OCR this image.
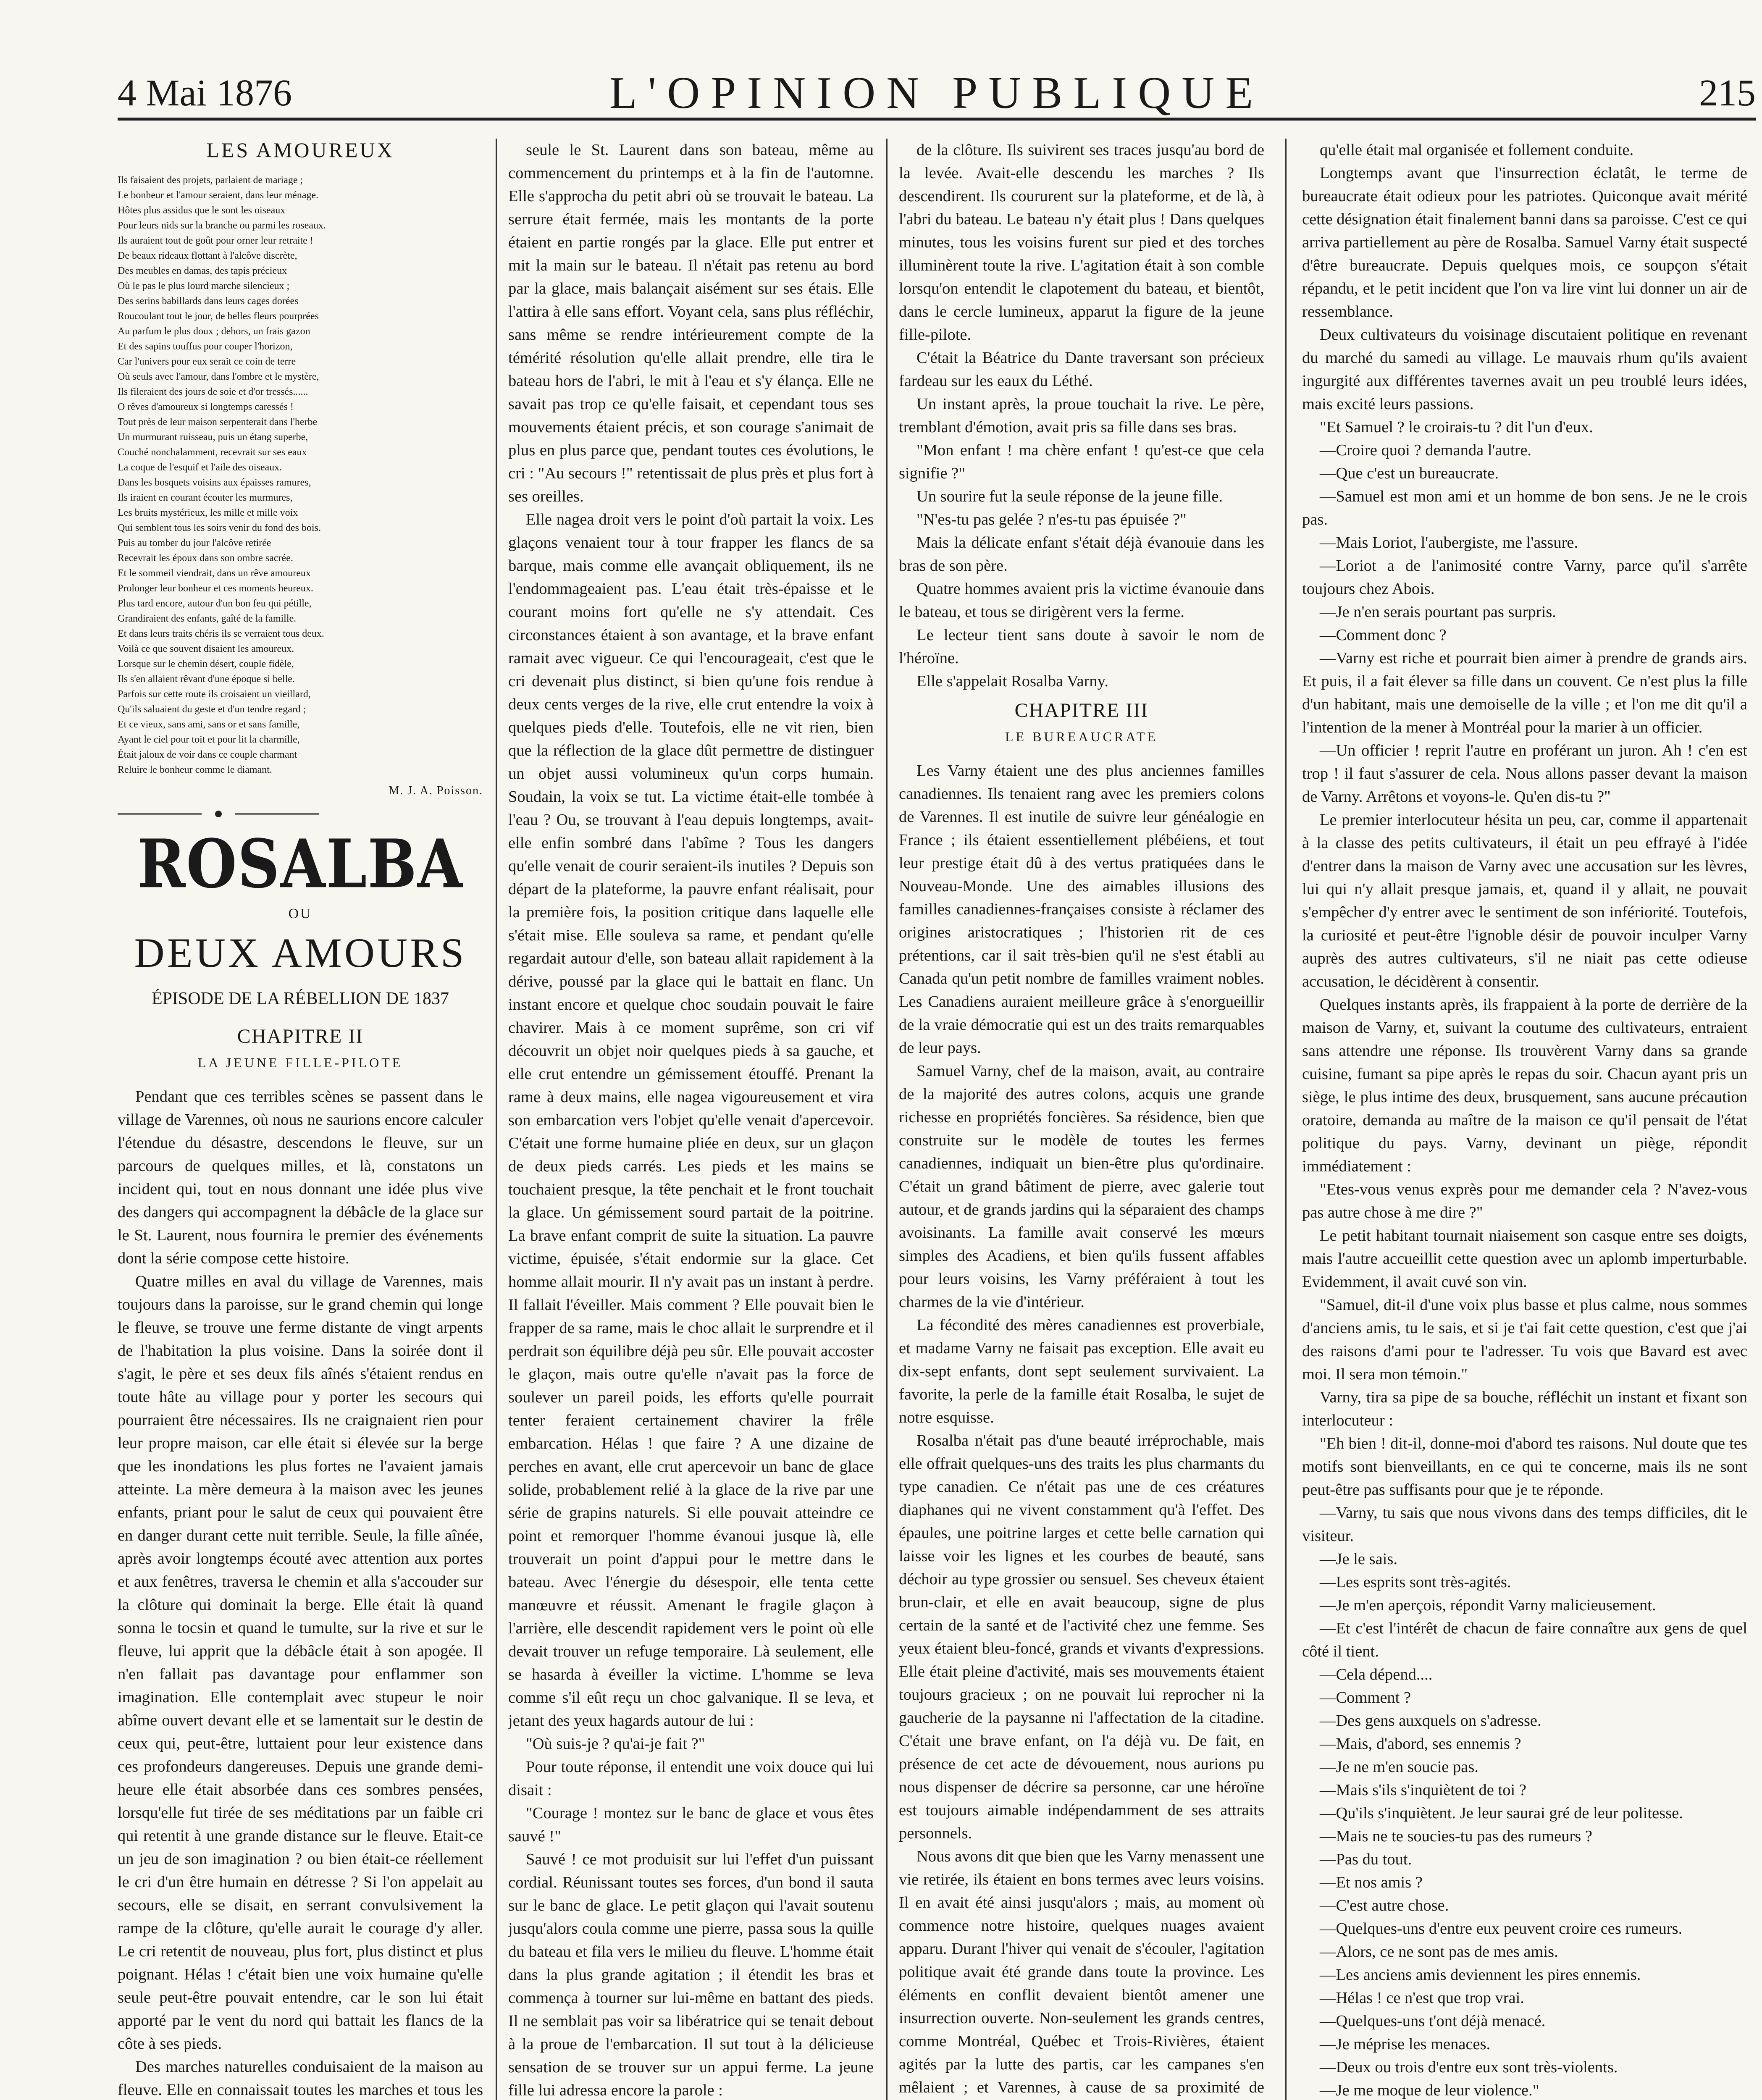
4 Mai 1876	L'OPINION PUBLIQUE	215
LES AMOUREUX
Ils faisaient des projets, parlaient de mariage ;
Le bonheur et l'amour seraient, dans leur ménage.
Hôtes plus assidus que le sont les oiseaux
Pour leurs nids sur la branche ou parmi les roseaux.
Ils auraient tout de goût pour orner leur retraite !
De beaux rideaux flottant à l'alcôve discrète,
Des meubles en damas, des tapis précieux
Où le pas le plus lourd marche silencieux ;
Des serins babillards dans leurs cages dorées
Roucoulant tout le jour, de belles fleurs pourprées
Au parfum le plus doux ; dehors, un frais gazon
Et des sapins touffus pour couper l'horizon,
Car l'univers pour eux serait ce coin de terre
Où seuls avec l'amour, dans l'ombre et le mystère,
Ils fileraient des jours de soie et d'or tressés......
O rêves d'amoureux si longtemps caressés !
Tout près de leur maison serpenterait dans l'herbe
Un murmurant ruisseau, puis un étang superbe,
Couché nonchalamment, recevrait sur ses eaux
La coque de l'esquif et l'aile des oiseaux.
Dans les bosquets voisins aux épaisses ramures,
Ils iraient en courant écouter les murmures,
Les bruits mystérieux, les mille et mille voix
Qui semblent tous les soirs venir du fond des bois.
Puis au tomber du jour l'alcôve retirée
Recevrait les époux dans son ombre sacrée.
Et le sommeil viendrait, dans un rêve amoureux
Prolonger leur bonheur et ces moments heureux.
Plus tard encore, autour d'un bon feu qui pétille,
Grandiraient des enfants, gaîté de la famille.
Et dans leurs traits chéris ils se verraient tous deux.
Voilà ce que souvent disaient les amoureux.
Lorsque sur le chemin désert, couple fidèle,
Ils s'en allaient rêvant d'une époque si belle.
Parfois sur cette route ils croisaient un vieillard,
Qu'ils saluaient du geste et d'un tendre regard ;
Et ce vieux, sans ami, sans or et sans famille,
Ayant le ciel pour toit et pour lit la charmille,
Était jaloux de voir dans ce couple charmant
Reluire le bonheur comme le diamant.
M. J. A. Poisson.
ROSALBA
OU
DEUX AMOURS
ÉPISODE DE LA RÉBELLION DE 1837
CHAPITRE II
LA JEUNE FILLE-PILOTE

Pendant que ces terribles scènes se passent dans le village de Varennes, où nous ne saurions encore calculer l'étendue du désastre, descendons le fleuve, sur un parcours de quelques milles, et là, constatons un incident qui, tout en nous donnant une idée plus vive des dangers qui accompagnent la débâcle de la glace sur le St. Laurent, nous fournira le premier des événements dont la série compose cette histoire.

Quatre milles en aval du village de Varennes, mais toujours dans la paroisse, sur le grand chemin qui longe le fleuve, se trouve une ferme distante de vingt arpents de l'habitation la plus voisine. Dans la soirée dont il s'agit, le père et ses deux fils aînés s'étaient rendus en toute hâte au village pour y porter les secours qui pourraient être nécessaires. Ils ne craignaient rien pour leur propre maison, car elle était si élevée sur la berge que les inondations les plus fortes ne l'avaient jamais atteinte. La mère demeura à la maison avec les jeunes enfants, priant pour le salut de ceux qui pouvaient être en danger durant cette nuit terrible. Seule, la fille aînée, après avoir longtemps écouté avec attention aux portes et aux fenêtres, traversa le chemin et alla s'accouder sur la clôture qui dominait la berge. Elle était là quand sonna le tocsin et quand le tumulte, sur la rive et sur le fleuve, lui apprit que la débâcle était à son apogée. Il n'en fallait pas davantage pour enflammer son imagination. Elle contemplait avec stupeur le noir abîme ouvert devant elle et se lamentait sur le destin de ceux qui, peut-être, luttaient pour leur existence dans ces profondeurs dangereuses. Depuis une grande demi-heure elle était absorbée dans ces sombres pensées, lorsqu'elle fut tirée de ses méditations par un faible cri qui retentit à une grande distance sur le fleuve. Etait-ce un jeu de son imagination ? ou bien était-ce réellement le cri d'un être humain en détresse ? Si l'on appelait au secours, elle se disait, en serrant convulsivement la rampe de la clôture, qu'elle aurait le courage d'y aller. Le cri retentit de nouveau, plus fort, plus distinct et plus poignant. Hélas ! c'était bien une voix humaine qu'elle seule peut-être pouvait entendre, car le son lui était apporté par le vent du nord qui battait les flancs de la côte à ses pieds.

Des marches naturelles conduisaient de la maison au fleuve. Elle en connaissait toutes les marches et tous les

seule le St. Laurent dans son bateau, même au commencement du printemps et à la fin de l'automne. Elle s'approcha du petit abri où se trouvait le bateau. La serrure était fermée, mais les montants de la porte étaient en partie rongés par la glace. Elle put entrer et mit la main sur le bateau. Il n'était pas retenu au bord par la glace, mais balançait aisément sur ses étais. Elle l'attira à elle sans effort. Voyant cela, sans plus réfléchir, sans même se rendre intérieurement compte de la témérité résolution qu'elle allait prendre, elle tira le bateau hors de l'abri, le mit à l'eau et s'y élança. Elle ne savait pas trop ce qu'elle faisait, et cependant tous ses mouvements étaient précis, et son courage s'animait de plus en plus parce que, pendant toutes ces évolutions, le cri : "Au secours !" retentissait de plus près et plus fort à ses oreilles.

Elle nagea droit vers le point d'où partait la voix. Les glaçons venaient tour à tour frapper les flancs de sa barque, mais comme elle avançait obliquement, ils ne l'endommageaient pas. L'eau était très-épaisse et le courant moins fort qu'elle ne s'y attendait. Ces circonstances étaient à son avantage, et la brave enfant ramait avec vigueur. Ce qui l'encourageait, c'est que le cri devenait plus distinct, si bien qu'une fois rendue à deux cents verges de la rive, elle crut entendre la voix à quelques pieds d'elle. Toutefois, elle ne vit rien, bien que la réflection de la glace dût permettre de distinguer un objet aussi volumineux qu'un corps humain. Soudain, la voix se tut. La victime était-elle tombée à l'eau ? Ou, se trouvant à l'eau depuis longtemps, avait-elle enfin sombré dans l'abîme ? Tous les dangers qu'elle venait de courir seraient-ils inutiles ? Depuis son départ de la plateforme, la pauvre enfant réalisait, pour la première fois, la position critique dans laquelle elle s'était mise. Elle souleva sa rame, et pendant qu'elle regardait autour d'elle, son bateau allait rapidement à la dérive, poussé par la glace qui le battait en flanc. Un instant encore et quelque choc soudain pouvait le faire chavirer. Mais à ce moment suprême, son cri vif découvrit un objet noir quelques pieds à sa gauche, et elle crut entendre un gémissement étouffé. Prenant la rame à deux mains, elle nagea vigoureusement et vira son embarcation vers l'objet qu'elle venait d'apercevoir. C'était une forme humaine pliée en deux, sur un glaçon de deux pieds carrés. Les pieds et les mains se touchaient presque, la tête penchait et le front touchait la glace. Un gémissement sourd partait de la poitrine. La brave enfant comprit de suite la situation. La pauvre victime, épuisée, s'était endormie sur la glace. Cet homme allait mourir. Il n'y avait pas un instant à perdre. Il fallait l'éveiller. Mais comment ? Elle pouvait bien le frapper de sa rame, mais le choc allait le surprendre et il perdrait son équilibre déjà peu sûr. Elle pouvait accoster le glaçon, mais outre qu'elle n'avait pas la force de soulever un pareil poids, les efforts qu'elle pourrait tenter feraient certainement chavirer la frêle embarcation. Hélas ! que faire ? A une dizaine de perches en avant, elle crut apercevoir un banc de glace solide, probablement relié à la glace de la rive par une série de grapins naturels. Si elle pouvait atteindre ce point et remorquer l'homme évanoui jusque là, elle trouverait un point d'appui pour le mettre dans le bateau. Avec l'énergie du désespoir, elle tenta cette manœuvre et réussit. Amenant le fragile glaçon à l'arrière, elle descendit rapidement vers le point où elle devait trouver un refuge temporaire. Là seulement, elle se hasarda à éveiller la victime. L'homme se leva comme s'il eût reçu un choc galvanique. Il se leva, et jetant des yeux hagards autour de lui :

"Où suis-je ? qu'ai-je fait ?"

Pour toute réponse, il entendit une voix douce qui lui disait :

"Courage ! montez sur le banc de glace et vous êtes sauvé !"

Sauvé ! ce mot produisit sur lui l'effet d'un puissant cordial. Réunissant toutes ses forces, d'un bond il sauta sur le banc de glace. Le petit glaçon qui l'avait soutenu jusqu'alors coula comme une pierre, passa sous la quille du bateau et fila vers le milieu du fleuve. L'homme était dans la plus grande agitation ; il étendit les bras et commença à tourner sur lui-même en battant des pieds. Il ne semblait pas voir sa libératrice qui se tenait debout à la proue de l'embarcation. Il sut tout à la délicieuse sensation de se trouver sur un appui ferme. La jeune fille lui adressa encore la parole :

de la clôture. Ils suivirent ses traces jusqu'au bord de la levée. Avait-elle descendu les marches ? Ils descendirent. Ils coururent sur la plateforme, et de là, à l'abri du bateau. Le bateau n'y était plus ! Dans quelques minutes, tous les voisins furent sur pied et des torches illuminèrent toute la rive. L'agitation était à son comble lorsqu'on entendit le clapotement du bateau, et bientôt, dans le cercle lumineux, apparut la figure de la jeune fille-pilote.

C'était la Béatrice du Dante traversant son précieux fardeau sur les eaux du Léthé.

Un instant après, la proue touchait la rive. Le père, tremblant d'émotion, avait pris sa fille dans ses bras.

"Mon enfant ! ma chère enfant ! qu'est-ce que cela signifie ?"

Un sourire fut la seule réponse de la jeune fille.

"N'es-tu pas gelée ? n'es-tu pas épuisée ?"

Mais la délicate enfant s'était déjà évanouie dans les bras de son père.

Quatre hommes avaient pris la victime évanouie dans le bateau, et tous se dirigèrent vers la ferme.

Le lecteur tient sans doute à savoir le nom de l'héroïne.

Elle s'appelait Rosalba Varny.

CHAPITRE III
LE BUREAUCRATE

Les Varny étaient une des plus anciennes familles canadiennes. Ils tenaient rang avec les premiers colons de Varennes. Il est inutile de suivre leur généalogie en France ; ils étaient essentiellement plébéiens, et tout leur prestige était dû à des vertus pratiquées dans le Nouveau-Monde. Une des aimables illusions des familles canadiennes-françaises consiste à réclamer des origines aristocratiques ; l'historien rit de ces prétentions, car il sait très-bien qu'il ne s'est établi au Canada qu'un petit nombre de familles vraiment nobles. Les Canadiens auraient meilleure grâce à s'enorgueillir de la vraie démocratie qui est un des traits remarquables de leur pays.

Samuel Varny, chef de la maison, avait, au contraire de la majorité des autres colons, acquis une grande richesse en propriétés foncières. Sa résidence, bien que construite sur le modèle de toutes les fermes canadiennes, indiquait un bien-être plus qu'ordinaire. C'était un grand bâtiment de pierre, avec galerie tout autour, et de grands jardins qui la séparaient des champs avoisinants. La famille avait conservé les mœurs simples des Acadiens, et bien qu'ils fussent affables pour leurs voisins, les Varny préféraient à tout les charmes de la vie d'intérieur.

La fécondité des mères canadiennes est proverbiale, et madame Varny ne faisait pas exception. Elle avait eu dix-sept enfants, dont sept seulement survivaient. La favorite, la perle de la famille était Rosalba, le sujet de notre esquisse.

Rosalba n'était pas d'une beauté irréprochable, mais elle offrait quelques-uns des traits les plus charmants du type canadien. Ce n'était pas une de ces créatures diaphanes qui ne vivent constamment qu'à l'effet. Des épaules, une poitrine larges et cette belle carnation qui laisse voir les lignes et les courbes de beauté, sans déchoir au type grossier ou sensuel. Ses cheveux étaient brun-clair, et elle en avait beaucoup, signe de plus certain de la santé et de l'activité chez une femme. Ses yeux étaient bleu-foncé, grands et vivants d'expressions. Elle était pleine d'activité, mais ses mouvements étaient toujours gracieux ; on ne pouvait lui reprocher ni la gaucherie de la paysanne ni l'affectation de la citadine. C'était une brave enfant, on l'a déjà vu. De fait, en présence de cet acte de dévouement, nous aurions pu nous dispenser de décrire sa personne, car une héroïne est toujours aimable indépendamment de ses attraits personnels.

Nous avons dit que bien que les Varny menassent une vie retirée, ils étaient en bons termes avec leurs voisins. Il en avait été ainsi jusqu'alors ; mais, au moment où commence notre histoire, quelques nuages avaient apparu. Durant l'hiver qui venait de s'écouler, l'agitation politique avait été grande dans toute la province. Les éléments en conflit devaient bientôt amener une insurrection ouverte. Non-seulement les grands centres, comme Montréal, Québec et Trois-Rivières, étaient agités par la lutte des partis, car les campanes s'en mêlaient ; et Varennes, à cause de sa proximité de

qu'elle était mal organisée et follement conduite.

Longtemps avant que l'insurrection éclatât, le terme de bureaucrate était odieux pour les patriotes. Quiconque avait mérité cette désignation était finalement banni dans sa paroisse. C'est ce qui arriva partiellement au père de Rosalba. Samuel Varny était suspecté d'être bureaucrate. Depuis quelques mois, ce soupçon s'était répandu, et le petit incident que l'on va lire vint lui donner un air de ressemblance.

Deux cultivateurs du voisinage discutaient politique en revenant du marché du samedi au village. Le mauvais rhum qu'ils avaient ingurgité aux différentes tavernes avait un peu troublé leurs idées, mais excité leurs passions.

"Et Samuel ? le croirais-tu ? dit l'un d'eux.

—Croire quoi ? demanda l'autre.

—Que c'est un bureaucrate.

—Samuel est mon ami et un homme de bon sens. Je ne le crois pas.

—Mais Loriot, l'aubergiste, me l'assure.

—Loriot a de l'animosité contre Varny, parce qu'il s'arrête toujours chez Abois.

—Je n'en serais pourtant pas surpris.

—Comment donc ?

—Varny est riche et pourrait bien aimer à prendre de grands airs. Et puis, il a fait élever sa fille dans un couvent. Ce n'est plus la fille d'un habitant, mais une demoiselle de la ville ; et l'on me dit qu'il a l'intention de la mener à Montréal pour la marier à un officier.

—Un officier ! reprit l'autre en proférant un juron. Ah ! c'en est trop ! il faut s'assurer de cela. Nous allons passer devant la maison de Varny. Arrêtons et voyons-le. Qu'en dis-tu ?"

Le premier interlocuteur hésita un peu, car, comme il appartenait à la classe des petits cultivateurs, il était un peu effrayé à l'idée d'entrer dans la maison de Varny avec une accusation sur les lèvres, lui qui n'y allait presque jamais, et, quand il y allait, ne pouvait s'empêcher d'y entrer avec le sentiment de son infériorité. Toutefois, la curiosité et peut-être l'ignoble désir de pouvoir inculper Varny auprès des autres cultivateurs, s'il ne niait pas cette odieuse accusation, le décidèrent à consentir.

Quelques instants après, ils frappaient à la porte de derrière de la maison de Varny, et, suivant la coutume des cultivateurs, entraient sans attendre une réponse. Ils trouvèrent Varny dans sa grande cuisine, fumant sa pipe après le repas du soir. Chacun ayant pris un siège, le plus intime des deux, brusquement, sans aucune précaution oratoire, demanda au maître de la maison ce qu'il pensait de l'état politique du pays. Varny, devinant un piège, répondit immédiatement :

"Etes-vous venus exprès pour me demander cela ? N'avez-vous pas autre chose à me dire ?"

Le petit habitant tournait niaisement son casque entre ses doigts, mais l'autre accueillit cette question avec un aplomb imperturbable. Evidemment, il avait cuvé son vin.

"Samuel, dit-il d'une voix plus basse et plus calme, nous sommes d'anciens amis, tu le sais, et si je t'ai fait cette question, c'est que j'ai des raisons d'ami pour te l'adresser. Tu vois que Bavard est avec moi. Il sera mon témoin."

Varny, tira sa pipe de sa bouche, réfléchit un instant et fixant son interlocuteur :

"Eh bien ! dit-il, donne-moi d'abord tes raisons. Nul doute que tes motifs sont bienveillants, en ce qui te concerne, mais ils ne sont peut-être pas suffisants pour que je te réponde.

—Varny, tu sais que nous vivons dans des temps difficiles, dit le visiteur.

—Je le sais.

—Les esprits sont très-agités.

—Je m'en aperçois, répondit Varny malicieusement.

—Et c'est l'intérêt de chacun de faire connaître aux gens de quel côté il tient.

—Cela dépend....

—Comment ?

—Des gens auxquels on s'adresse.

—Mais, d'abord, ses ennemis ?

—Je ne m'en soucie pas.

—Mais s'ils s'inquiètent de toi ?

—Qu'ils s'inquiètent. Je leur saurai gré de leur politesse.

—Mais ne te soucies-tu pas des rumeurs ?

—Pas du tout.

—Et nos amis ?

—C'est autre chose.

—Quelques-uns d'entre eux peuvent croire ces rumeurs.

—Alors, ce ne sont pas de mes amis.

—Les anciens amis deviennent les pires ennemis.

—Hélas ! ce n'est que trop vrai.

—Quelques-uns t'ont déjà menacé.

—Je méprise les menaces.

—Deux ou trois d'entre eux sont très-violents.

—Je me moque de leur violence."
